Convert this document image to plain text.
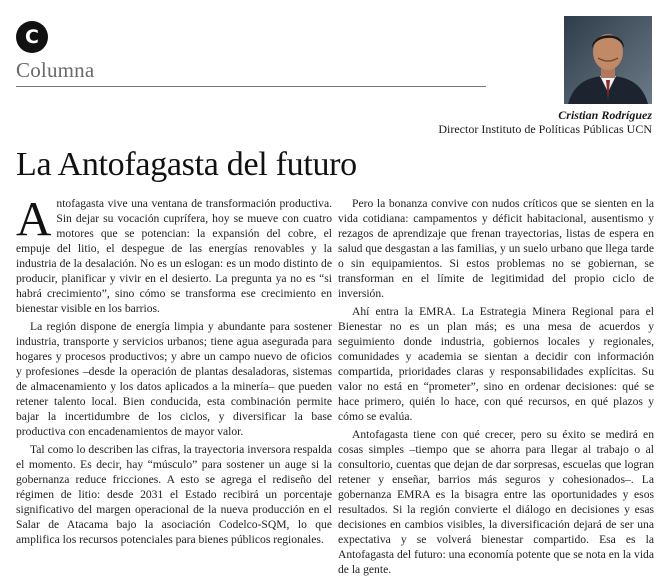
C
Columna
Cristian Rodríguez
Director Instituto de Políticas Públicas UCN
La Antofagasta del futuro

Antofagasta vive una ventana de transformación productiva. Sin dejar su vocación cuprífera, hoy se mueve con cuatro motores que se potencian: la expansión del cobre, el empuje del litio, el despegue de las energías renovables y la industria de la desalación. No es un eslogan: es un modo distinto de producir, planificar y vivir en el desierto. La pregunta ya no es “si habrá crecimiento”, sino cómo se transforma ese crecimiento en bienestar visible en los barrios.

La región dispone de energía limpia y abundante para sostener industria, transporte y servicios urbanos; tiene agua asegurada para hogares y procesos productivos; y abre un campo nuevo de oficios y profesiones –desde la operación de plantas desaladoras, sistemas de almacenamiento y los datos aplicados a la minería– que pueden retener talento local. Bien conducida, esta combinación permite bajar la incertidumbre de los ciclos, y diversificar la base productiva con encadenamientos de mayor valor.

Tal como lo describen las cifras, la trayectoria inversora respalda el momento. Es decir, hay “músculo” para sostener un auge si la gobernanza reduce fricciones. A esto se agrega el rediseño del régimen de litio: desde 2031 el Estado recibirá un porcentaje significativo del margen operacional de la nueva producción en el Salar de Atacama bajo la asociación Codelco-SQM, lo que amplifica los recursos potenciales para bienes públicos regionales.

Pero la bonanza convive con nudos críticos que se sienten en la vida cotidiana: campamentos y déficit habitacional, ausentismo y rezagos de aprendizaje que frenan trayectorias, listas de espera en salud que desgastan a las familias, y un suelo urbano que llega tarde o sin equipamientos. Si estos problemas no se gobiernan, se transforman en el límite de legitimidad del propio ciclo de inversión.

Ahí entra la EMRA. La Estrategia Minera Regional para el Bienestar no es un plan más; es una mesa de acuerdos y seguimiento donde industria, gobiernos locales y regionales, comunidades y academia se sientan a decidir con información compartida, prioridades claras y responsabilidades explícitas. Su valor no está en “prometer”, sino en ordenar decisiones: qué se hace primero, quién lo hace, con qué recursos, en qué plazos y cómo se evalúa.

Antofagasta tiene con qué crecer, pero su éxito se medirá en cosas simples –tiempo que se ahorra para llegar al trabajo o al consultorio, cuentas que dejan de dar sorpresas, escuelas que logran retener y enseñar, barrios más seguros y cohesionados–. La gobernanza EMRA es la bisagra entre las oportunidades y esos resultados. Si la región convierte el diálogo en decisiones y esas decisiones en cambios visibles, la diversificación dejará de ser una expectativa y se volverá bienestar compartido. Esa es la Antofagasta del futuro: una economía potente que se nota en la vida de la gente.
